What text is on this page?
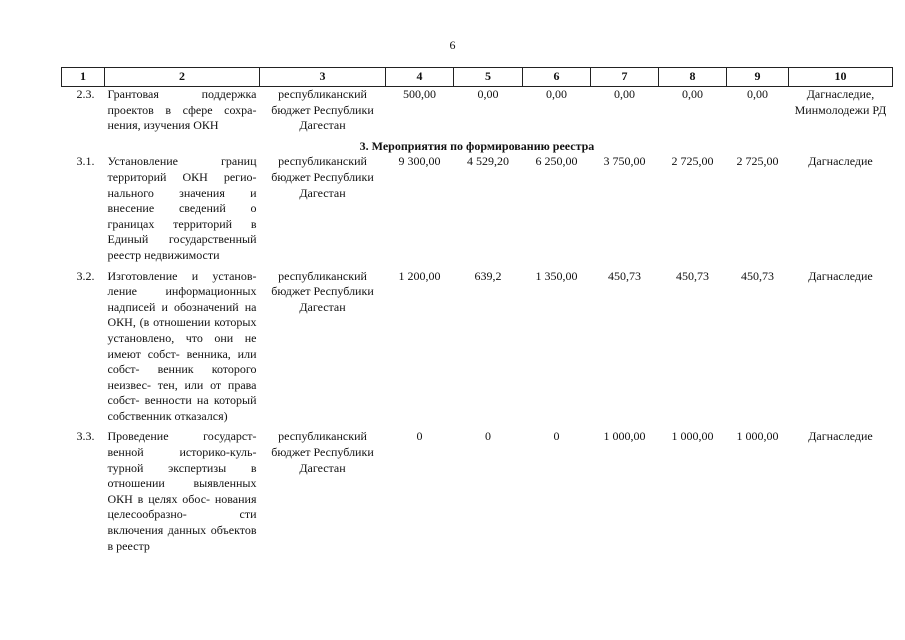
6
1	2	3	4	5	6	7	8	9	10
2.3.	Грантовая поддержка проектов в сфере сохра- нения, изучения ОКН	республиканский бюджет Республики Дагестан	500,00	0,00	0,00	0,00	0,00	0,00	Дагнаследие, Минмолодежи РД
3. Мероприятия по формированию реестра									
3.1.	Установление границ территорий ОКН регио- нального значения и внесение сведений о границах территорий в Единый государственный реестр недвижимости	республиканский бюджет Республики Дагестан	9 300,00	4 529,20	6 250,00	3 750,00	2 725,00	2 725,00	Дагнаследие
3.2.	Изготовление и установ- ление информационных надписей и обозначений на ОКН, (в отношении которых установлено, что они не имеют собст- венника, или собст- венник которого неизвес- тен, или от права собст- венности на который собственник отказался)	республиканский бюджет Республики Дагестан	1 200,00	639,2	1 350,00	450,73	450,73	450,73	Дагнаследие
3.3.	Проведение государст- венной историко-куль- турной экспертизы в отношении выявленных ОКН в целях обос- нования целесообразно- сти включения данных объектов в реестр	республиканский бюджет Республики Дагестан	0	0	0	1 000,00	1 000,00	1 000,00	Дагнаследие
